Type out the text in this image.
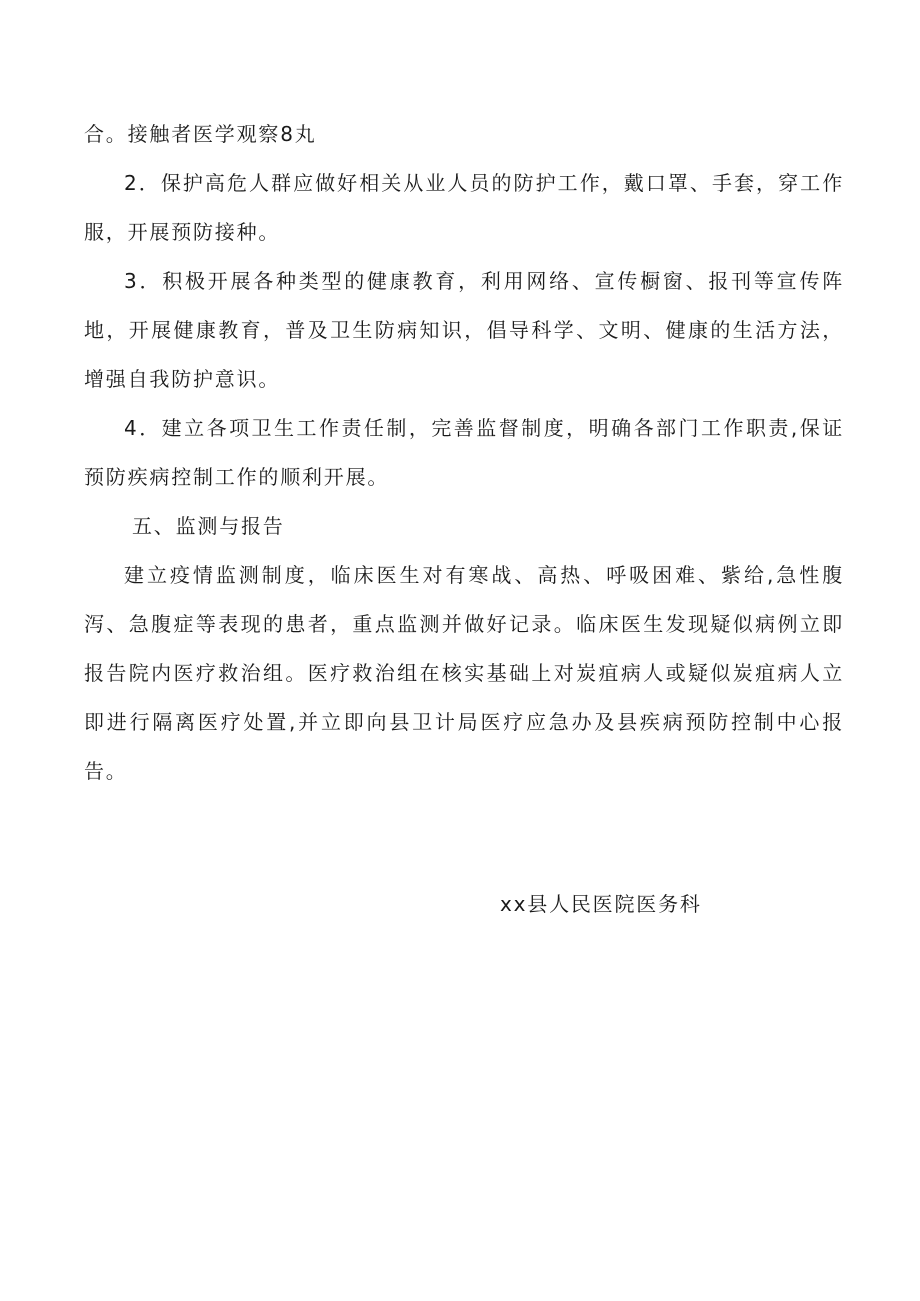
合。接触者医学观察8丸

2．保护高危人群应做好相关从业人员的防护工作，戴口罩、手套，穿工作服，开展预防接种。

3．积极开展各种类型的健康教育，利用网络、宣传橱窗、报刊等宣传阵地，开展健康教育，普及卫生防病知识，倡导科学、文明、健康的生活方法，增强自我防护意识。

4．建立各项卫生工作责任制，完善监督制度，明确各部门工作职责,保证预防疾病控制工作的顺利开展。

五、监测与报告

建立疫情监测制度，临床医生对有寒战、高热、呼吸困难、紫给,急性腹泻、急腹症等表现的患者，重点监测并做好记录。临床医生发现疑似病例立即报告院内医疗救治组。医疗救治组在核实基础上对炭疽病人或疑似炭疽病人立即进行隔离医疗处置,并立即向县卫计局医疗应急办及县疾病预防控制中心报告。

xx县人民医院医务科
